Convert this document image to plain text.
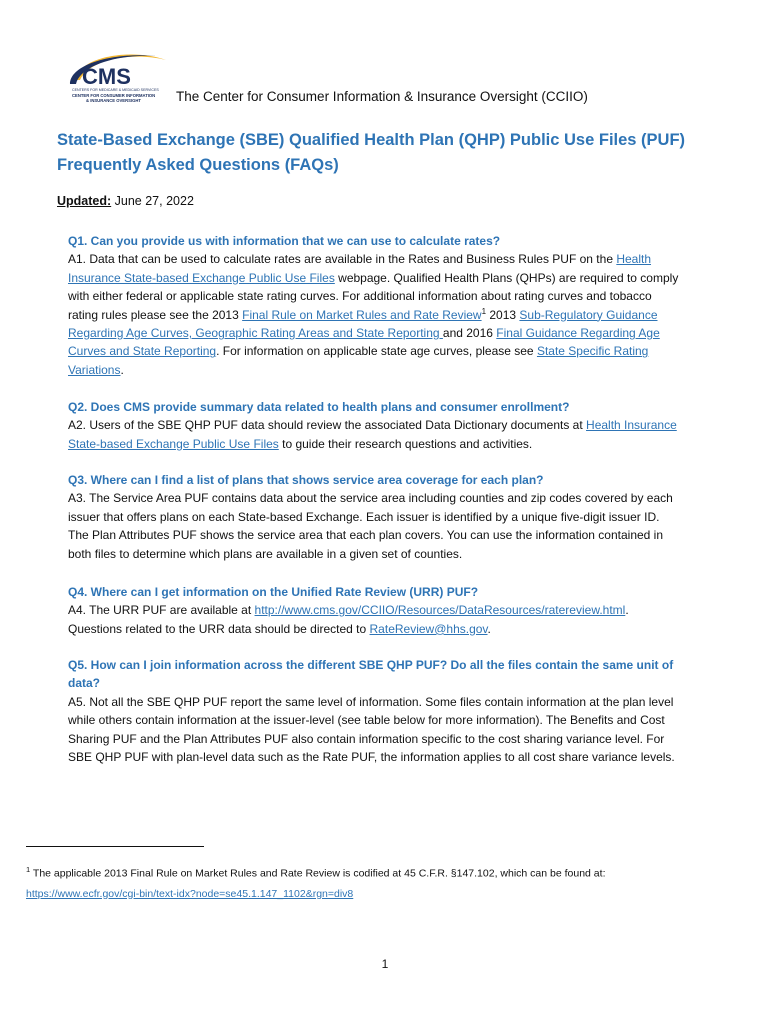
CMS
CENTERS FOR MEDICARE & MEDICAID SERVICES
CENTER FOR CONSUMER INFORMATION
& INSURANCE OVERSIGHT	The Center for Consumer Information & Insurance Oversight (CCIIO)
State-Based Exchange (SBE) Qualified Health Plan (QHP) Public Use Files (PUF)
Frequently Asked Questions (FAQs)
Updated: June 27, 2022
Q1. Can you provide us with information that we can use to calculate rates?

A1. Data that can be used to calculate rates are available in the Rates and Business Rules PUF on the Health Insurance State-based Exchange Public Use Files webpage. Qualified Health Plans (QHPs) are required to comply with either federal or applicable state rating curves. For additional information about rating curves and tobacco rating rules please see the 2013 Final Rule on Market Rules and Rate Review$^1$ 2013 Sub-Regulatory Guidance Regarding Age Curves, Geographic Rating Areas and State Reporting and 2016 Final Guidance Regarding Age Curves and State Reporting. For information on applicable state age curves, please see State Specific Rating Variations.

Q2. Does CMS provide summary data related to health plans and consumer enrollment?

A2. Users of the SBE QHP PUF data should review the associated Data Dictionary documents at Health Insurance State-based Exchange Public Use Files to guide their research questions and activities.

Q3. Where can I find a list of plans that shows service area coverage for each plan?

A3. The Service Area PUF contains data about the service area including counties and zip codes covered by each issuer that offers plans on each State-based Exchange. Each issuer is identified by a unique five-digit issuer ID. The Plan Attributes PUF shows the service area that each plan covers. You can use the information contained in both files to determine which plans are available in a given set of counties.

Q4. Where can I get information on the Unified Rate Review (URR) PUF?

A4. The URR PUF are available at http://www.cms.gov/CCIIO/Resources/DataResources/ratereview.html. Questions related to the URR data should be directed to RateReview@hhs.gov.

Q5. How can I join information across the different SBE QHP PUF? Do all the files contain the same unit of data?

A5. Not all the SBE QHP PUF report the same level of information. Some files contain information at the plan level while others contain information at the issuer-level (see table below for more information). The Benefits and Cost Sharing PUF and the Plan Attributes PUF also contain information specific to the cost sharing variance level. For SBE QHP PUF with plan-level data such as the Rate PUF, the information applies to all cost share variance levels.

$^1$ The applicable 2013 Final Rule on Market Rules and Rate Review is codified at 45 C.F.R. §147.102, which can be found at:
https://www.ecfr.gov/cgi-bin/text-idx?node=se45.1.147_1102&rgn=div8
1
